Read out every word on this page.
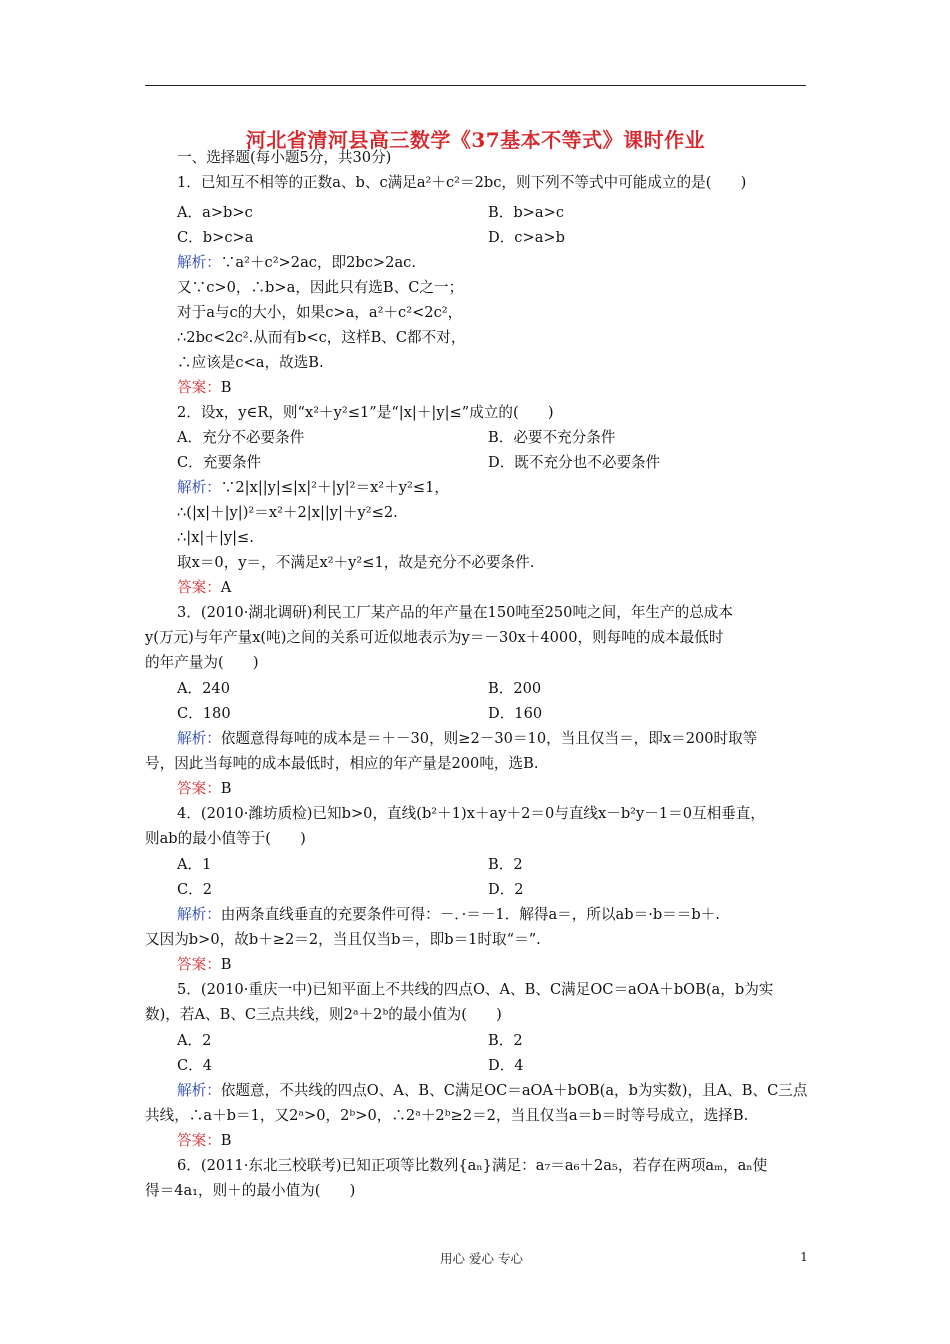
河北省清河县高三数学《37基本不等式》课时作业
一、选择题(每小题5分，共30分)
1．已知互不相等的正数a、b、c满足a²＋c²＝2bc，则下列不等式中可能成立的是(　　)
A．a>b>c	B．b>a>c
C．b>c>a	D．c>a>b
解析：∵a²＋c²>2ac，即2bc>2ac.
又∵c>0，∴b>a，因此只有选B、C之一；
对于a与c的大小，如果c>a，a²＋c²<2c²，
∴2bc<2c².从而有b<c，这样B、C都不对，
∴应该是c<a，故选B.
答案：B
2．设x，y∈R，则“x²＋y²≤1”是“|x|＋|y|≤”成立的(　　)
A．充分不必要条件	B．必要不充分条件
C．充要条件	D．既不充分也不必要条件
解析：∵2|x||y|≤|x|²＋|y|²＝x²＋y²≤1，
∴(|x|＋|y|)²＝x²＋2|x||y|＋y²≤2.
∴|x|＋|y|≤.
取x＝0，y＝，不满足x²＋y²≤1，故是充分不必要条件.
答案：A
3．(2010·湖北调研)利民工厂某产品的年产量在150吨至250吨之间，年生产的总成本
y(万元)与年产量x(吨)之间的关系可近似地表示为y＝－30x＋4000，则每吨的成本最低时
的年产量为(　　)
A．240	B．200
C．180	D．160
解析：依题意得每吨的成本是＝＋－30，则≥2－30＝10，当且仅当＝，即x＝200时取等
号，因此当每吨的成本最低时，相应的年产量是200吨，选B.
答案：B
4．(2010·潍坊质检)已知b>0，直线(b²＋1)x＋ay＋2＝0与直线x－b²y－1＝0互相垂直，
则ab的最小值等于(　　)
A．1	B．2
C．2	D．2
解析：由两条直线垂直的充要条件可得：－．·＝－1．解得a＝，所以ab＝·b＝＝b＋.
又因为b>0，故b＋≥2＝2，当且仅当b＝，即b＝1时取“＝”.
答案：B
5．(2010·重庆一中)已知平面上不共线的四点O、A、B、C满足OC＝aOA＋bOB(a，b为实
数)，若A、B、C三点共线，则2ᵃ＋2ᵇ的最小值为(　　)
A．2	B．2
C．4	D．4
解析：依题意，不共线的四点O、A、B、C满足OC＝aOA＋bOB(a，b为实数)，且A、B、C三点
共线，∴a＋b＝1，又2ᵃ>0，2ᵇ>0，∴2ᵃ＋2ᵇ≥2＝2，当且仅当a＝b＝时等号成立，选择B.
答案：B
6．(2011·东北三校联考)已知正项等比数列{aₙ}满足：a₇＝a₆＋2a₅，若存在两项aₘ，aₙ使
得＝4a₁，则＋的最小值为(　　)
用心 爱心 专心	1
